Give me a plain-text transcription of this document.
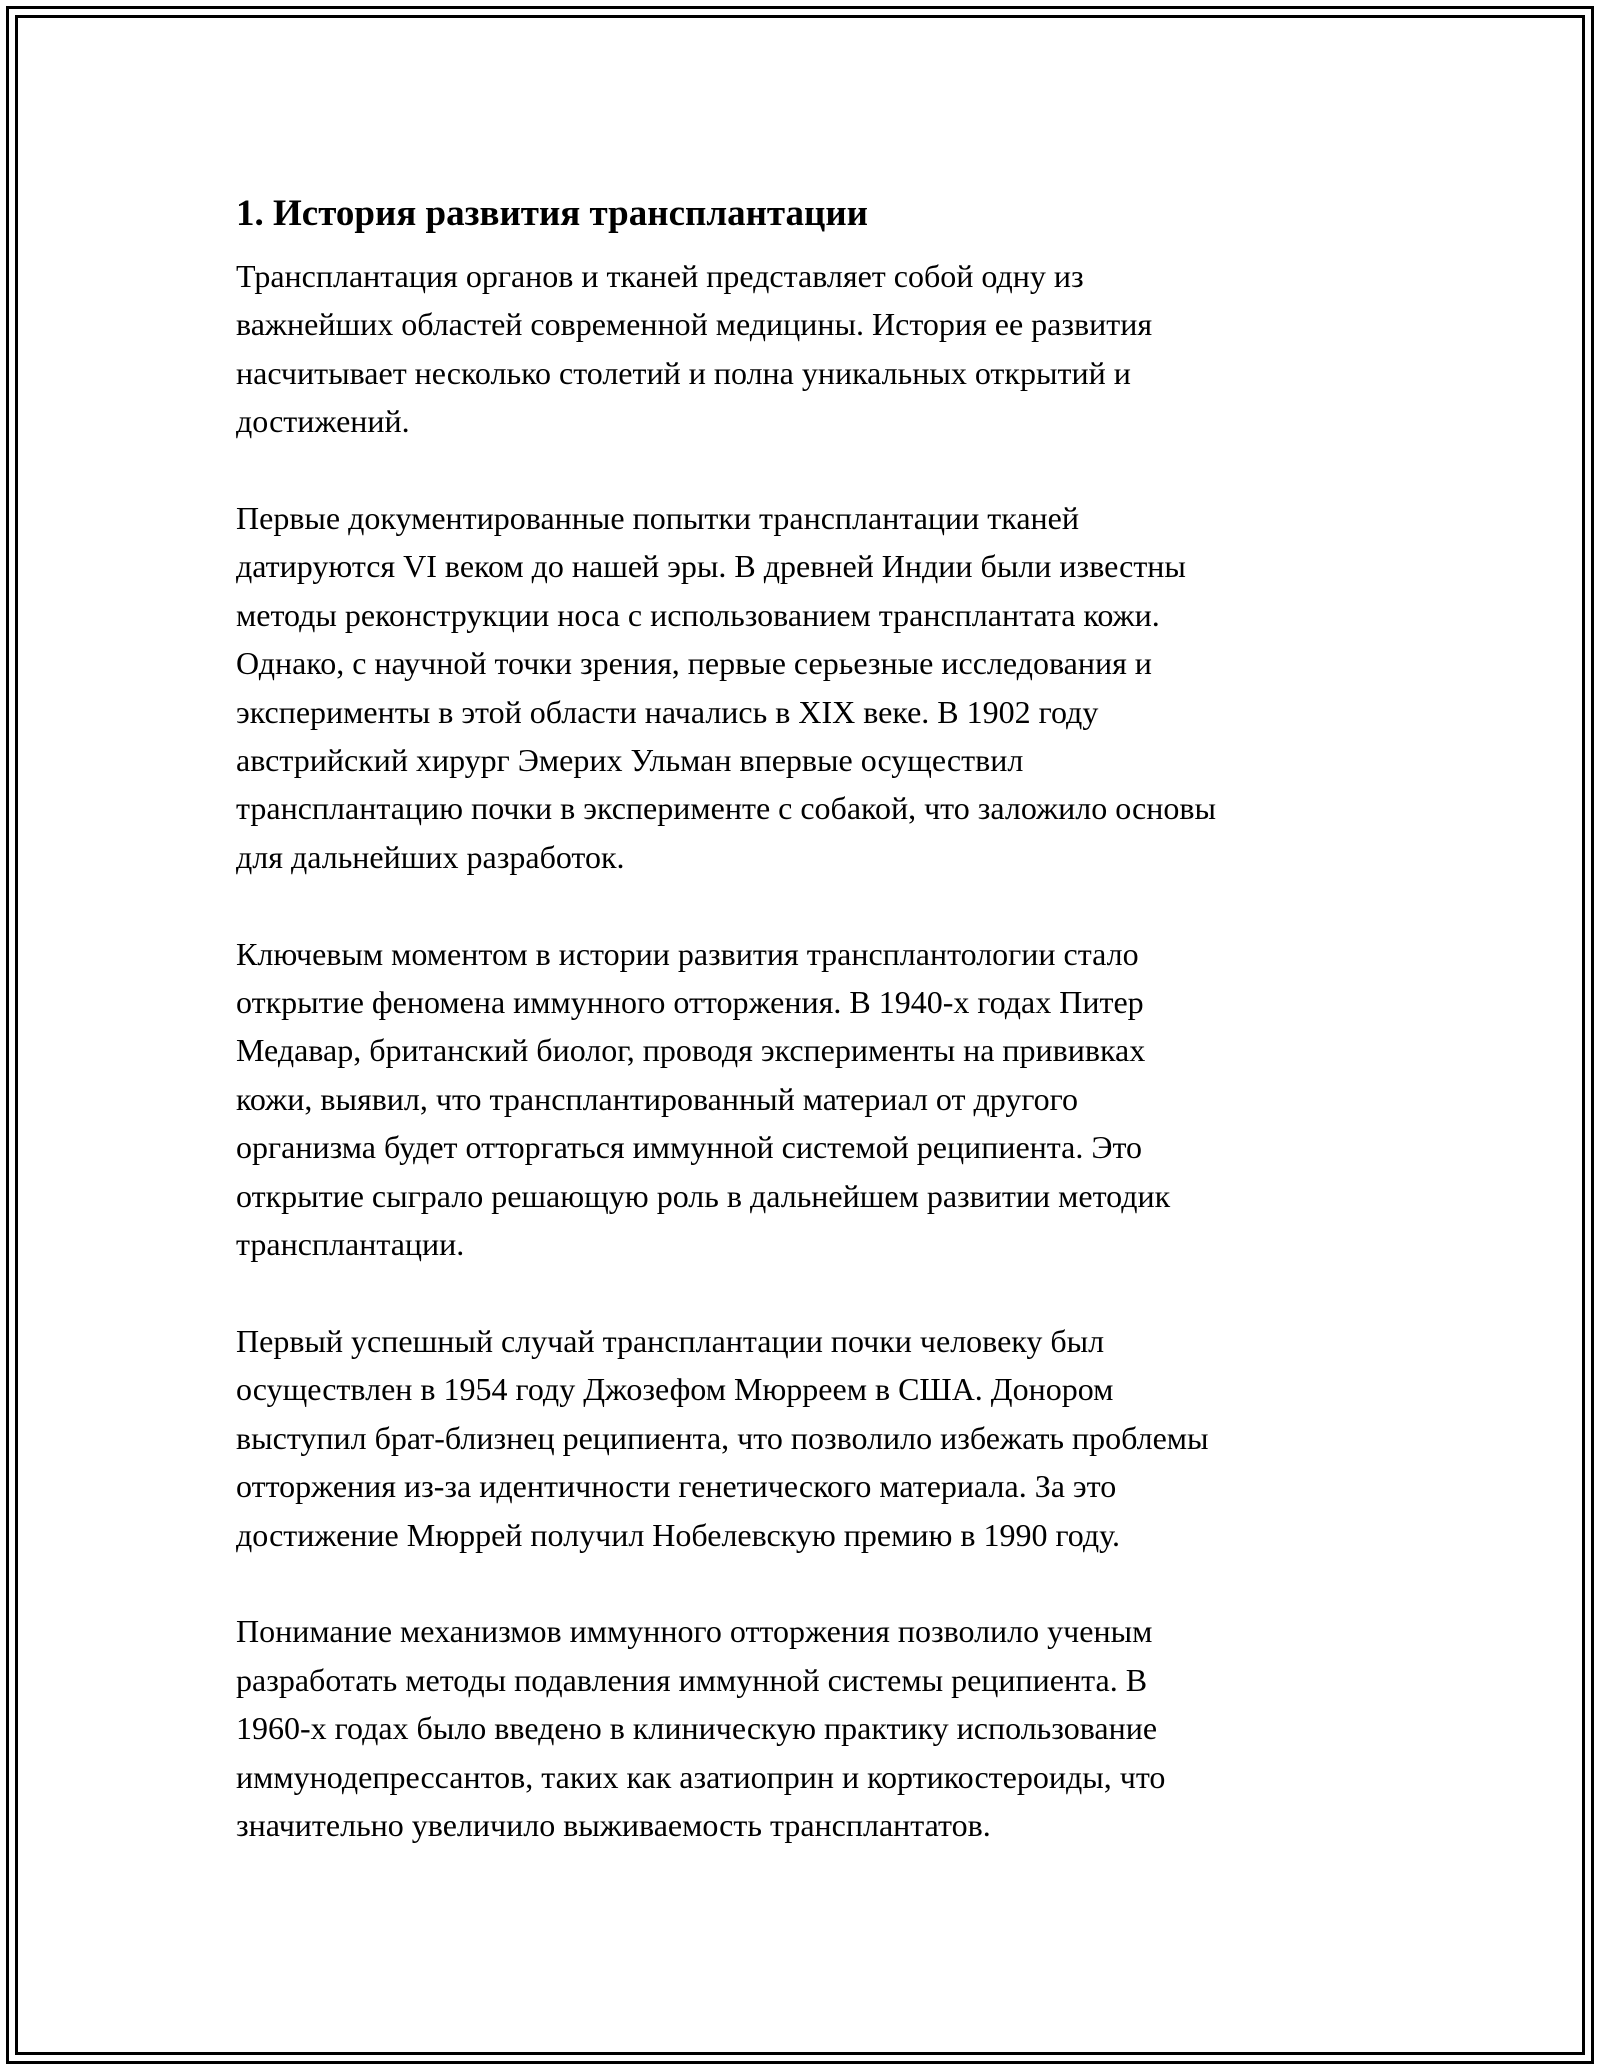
1. История развития трансплантации

Трансплантация органов и тканей представляет собой одну из
важнейших областей современной медицины. История ее развития
насчитывает несколько столетий и полна уникальных открытий и
достижений.

Первые документированные попытки трансплантации тканей
датируются VI веком до нашей эры. В древней Индии были известны
методы реконструкции носа с использованием трансплантата кожи.
Однако, с научной точки зрения, первые серьезные исследования и
эксперименты в этой области начались в XIX веке. В 1902 году
австрийский хирург Эмерих Ульман впервые осуществил
трансплантацию почки в эксперименте с собакой, что заложило основы
для дальнейших разработок.

Ключевым моментом в истории развития трансплантологии стало
открытие феномена иммунного отторжения. В 1940-х годах Питер
Медавар, британский биолог, проводя эксперименты на прививках
кожи, выявил, что трансплантированный материал от другого
организма будет отторгаться иммунной системой реципиента. Это
открытие сыграло решающую роль в дальнейшем развитии методик
трансплантации.

Первый успешный случай трансплантации почки человеку был
осуществлен в 1954 году Джозефом Мюрреем в США. Донором
выступил брат-близнец реципиента, что позволило избежать проблемы
отторжения из-за идентичности генетического материала. За это
достижение Мюррей получил Нобелевскую премию в 1990 году.

Понимание механизмов иммунного отторжения позволило ученым
разработать методы подавления иммунной системы реципиента. В
1960-х годах было введено в клиническую практику использование
иммунодепрессантов, таких как азатиоприн и кортикостероиды, что
значительно увеличило выживаемость трансплантатов.
